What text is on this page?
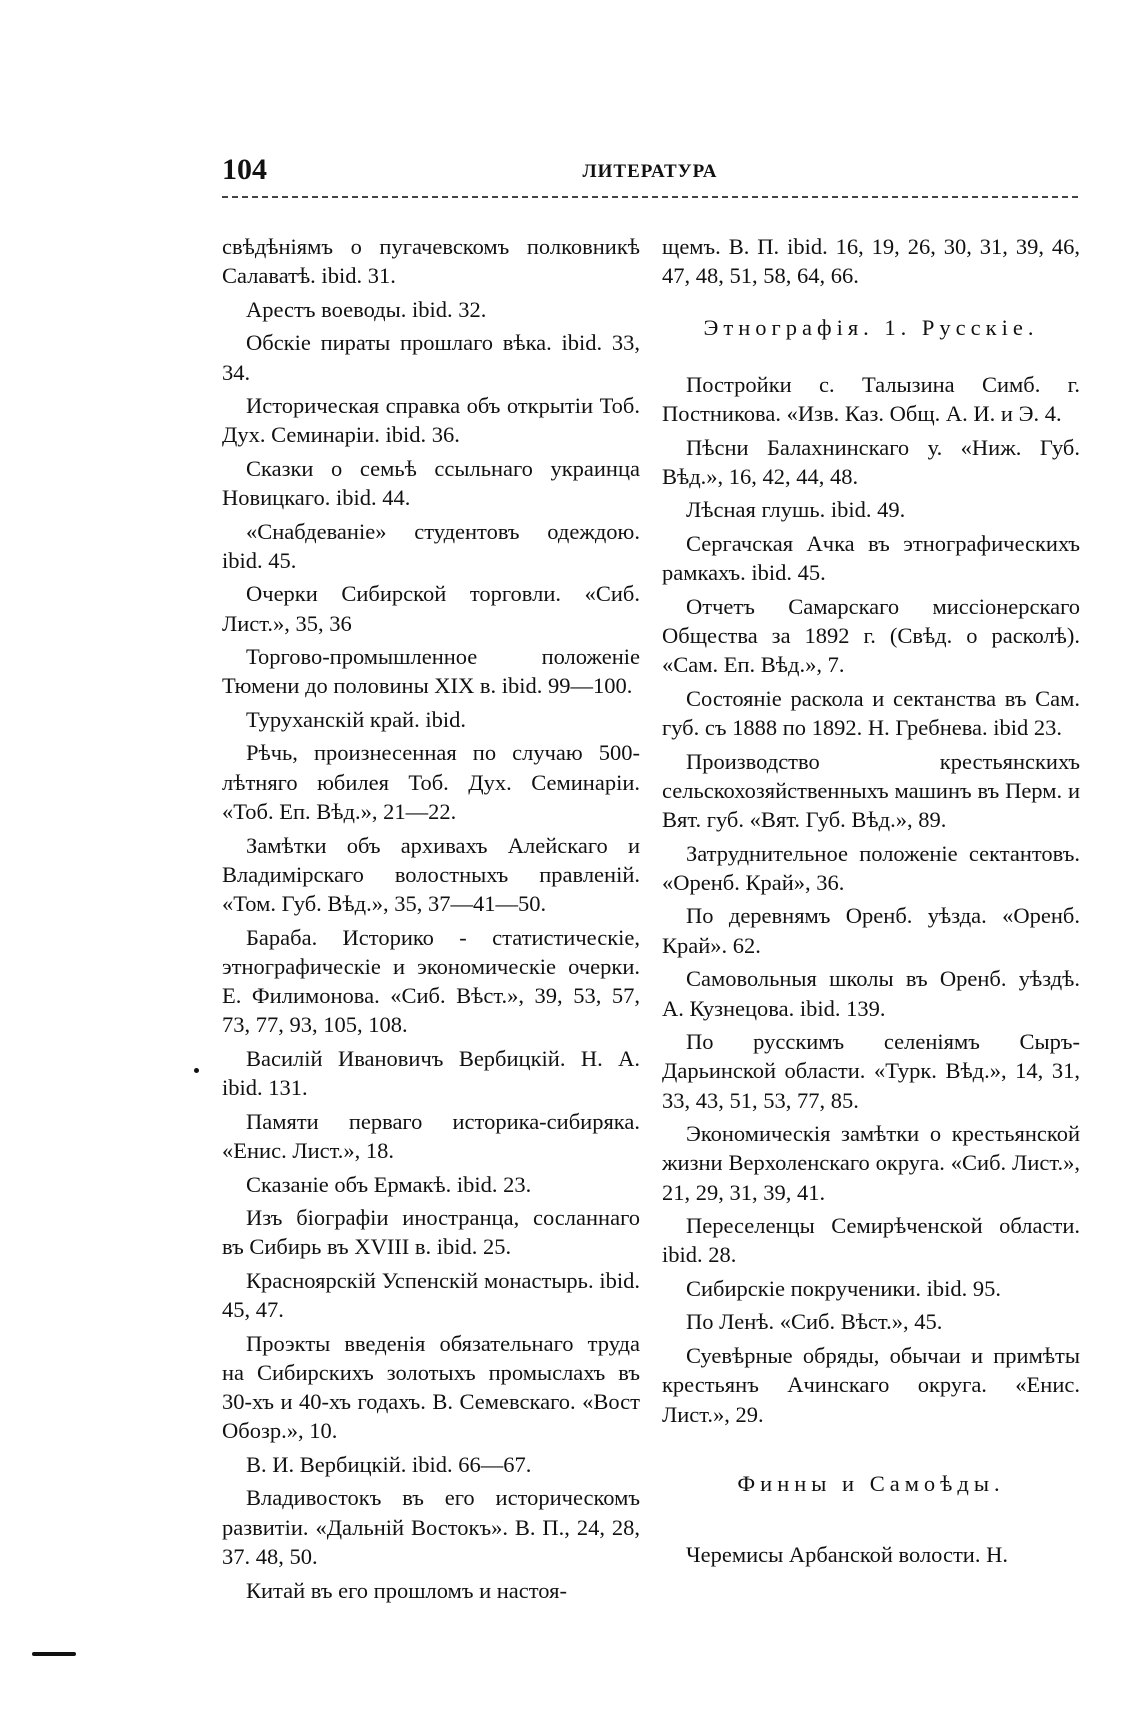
104	ЛИТЕРАТУРА

свѣдѣніямъ о пугачевскомъ полковникѣ Салаватѣ. ibid. 31.

Арестъ воеводы. ibid. 32.

Обскіе пираты прошлаго вѣка. ibid. 33, 34.

Историческая справка объ открытіи Тоб. Дух. Семинаріи. ibid. 36.

Сказки о семьѣ ссыльнаго украинца Новицкаго. ibid. 44.

«Снабдеваніе» студентовъ одеждою. ibid. 45.

Очерки Сибирской торговли. «Сиб. Лист.», 35, 36

Торгово-промышленное положеніе Тюмени до половины XIX в. ibid. 99—100.

Туруханскій край. ibid.

Рѣчь, произнесенная по случаю 500-лѣтняго юбилея Тоб. Дух. Семинаріи. «Тоб. Еп. Вѣд.», 21—22.

Замѣтки объ архивахъ Алейскаго и Владимірскаго волостныхъ правленій. «Том. Губ. Вѣд.», 35, 37—41—50.

Бараба. Историко - статистическіе, этнографическіе и экономическіе очерки. Е. Филимонова. «Сиб. Вѣст.», 39, 53, 57, 73, 77, 93, 105, 108.

Василій Ивановичъ Вербицкій. Н. А. ibid. 131.

Памяти перваго историка-сибиряка. «Енис. Лист.», 18.

Сказаніе объ Ермакѣ. ibid. 23.

Изъ біографіи иностранца, сосланнаго въ Сибирь въ XVIII в. ibid. 25.

Красноярскій Успенскій монастырь. ibid. 45, 47.

Проэкты введенія обязательнаго труда на Сибирскихъ золотыхъ промыслахъ въ 30-хъ и 40-хъ годахъ. В. Семевскаго. «Вост Обозр.», 10.

В. И. Вербицкій. ibid. 66—67.

Владивостокъ въ его историческомъ развитіи. «Дальній Востокъ». В. П., 24, 28, 37. 48, 50.

Китай въ его прошломъ и настоя-

щемъ. В. П. ibid. 16, 19, 26, 30, 31, 39, 46, 47, 48, 51, 58, 64, 66.

Этнографія. 1. Русскіе.

Постройки с. Талызина Симб. г. Постникова. «Изв. Каз. Общ. А. И. и Э. 4.

Пѣсни Балахнинскаго у. «Ниж. Губ. Вѣд.», 16, 42, 44, 48.

Лѣсная глушь. ibid. 49.

Сергачская Ачка въ этнографическихъ рамкахъ. ibid. 45.

Отчетъ Самарскаго миссіонерскаго Общества за 1892 г. (Свѣд. о расколѣ). «Сам. Еп. Вѣд.», 7.

Состояніе раскола и сектанства въ Сам. губ. съ 1888 по 1892. Н. Гребнева. ibid 23.

Производство крестьянскихъ сельскохозяйственныхъ машинъ въ Перм. и Вят. губ. «Вят. Губ. Вѣд.», 89.

Затруднительное положеніе сектантовъ. «Оренб. Край», 36.

По деревнямъ Оренб. уѣзда. «Оренб. Край». 62.

Самовольныя школы въ Оренб. уѣздѣ. А. Кузнецова. ibid. 139.

По русскимъ селеніямъ Сыръ-Дарьинской области. «Турк. Вѣд.», 14, 31, 33, 43, 51, 53, 77, 85.

Экономическія замѣтки о крестьянской жизни Верхоленскаго округа. «Сиб. Лист.», 21, 29, 31, 39, 41.

Переселенцы Семирѣченской области. ibid. 28.

Сибирскіе покрученики. ibid. 95.

По Ленѣ. «Сиб. Вѣст.», 45.

Суевѣрные обряды, обычаи и примѣты крестьянъ Ачинскаго округа. «Енис. Лист.», 29.

Финны и Самоѣды.

Черемисы Арбанской волости. Н.
